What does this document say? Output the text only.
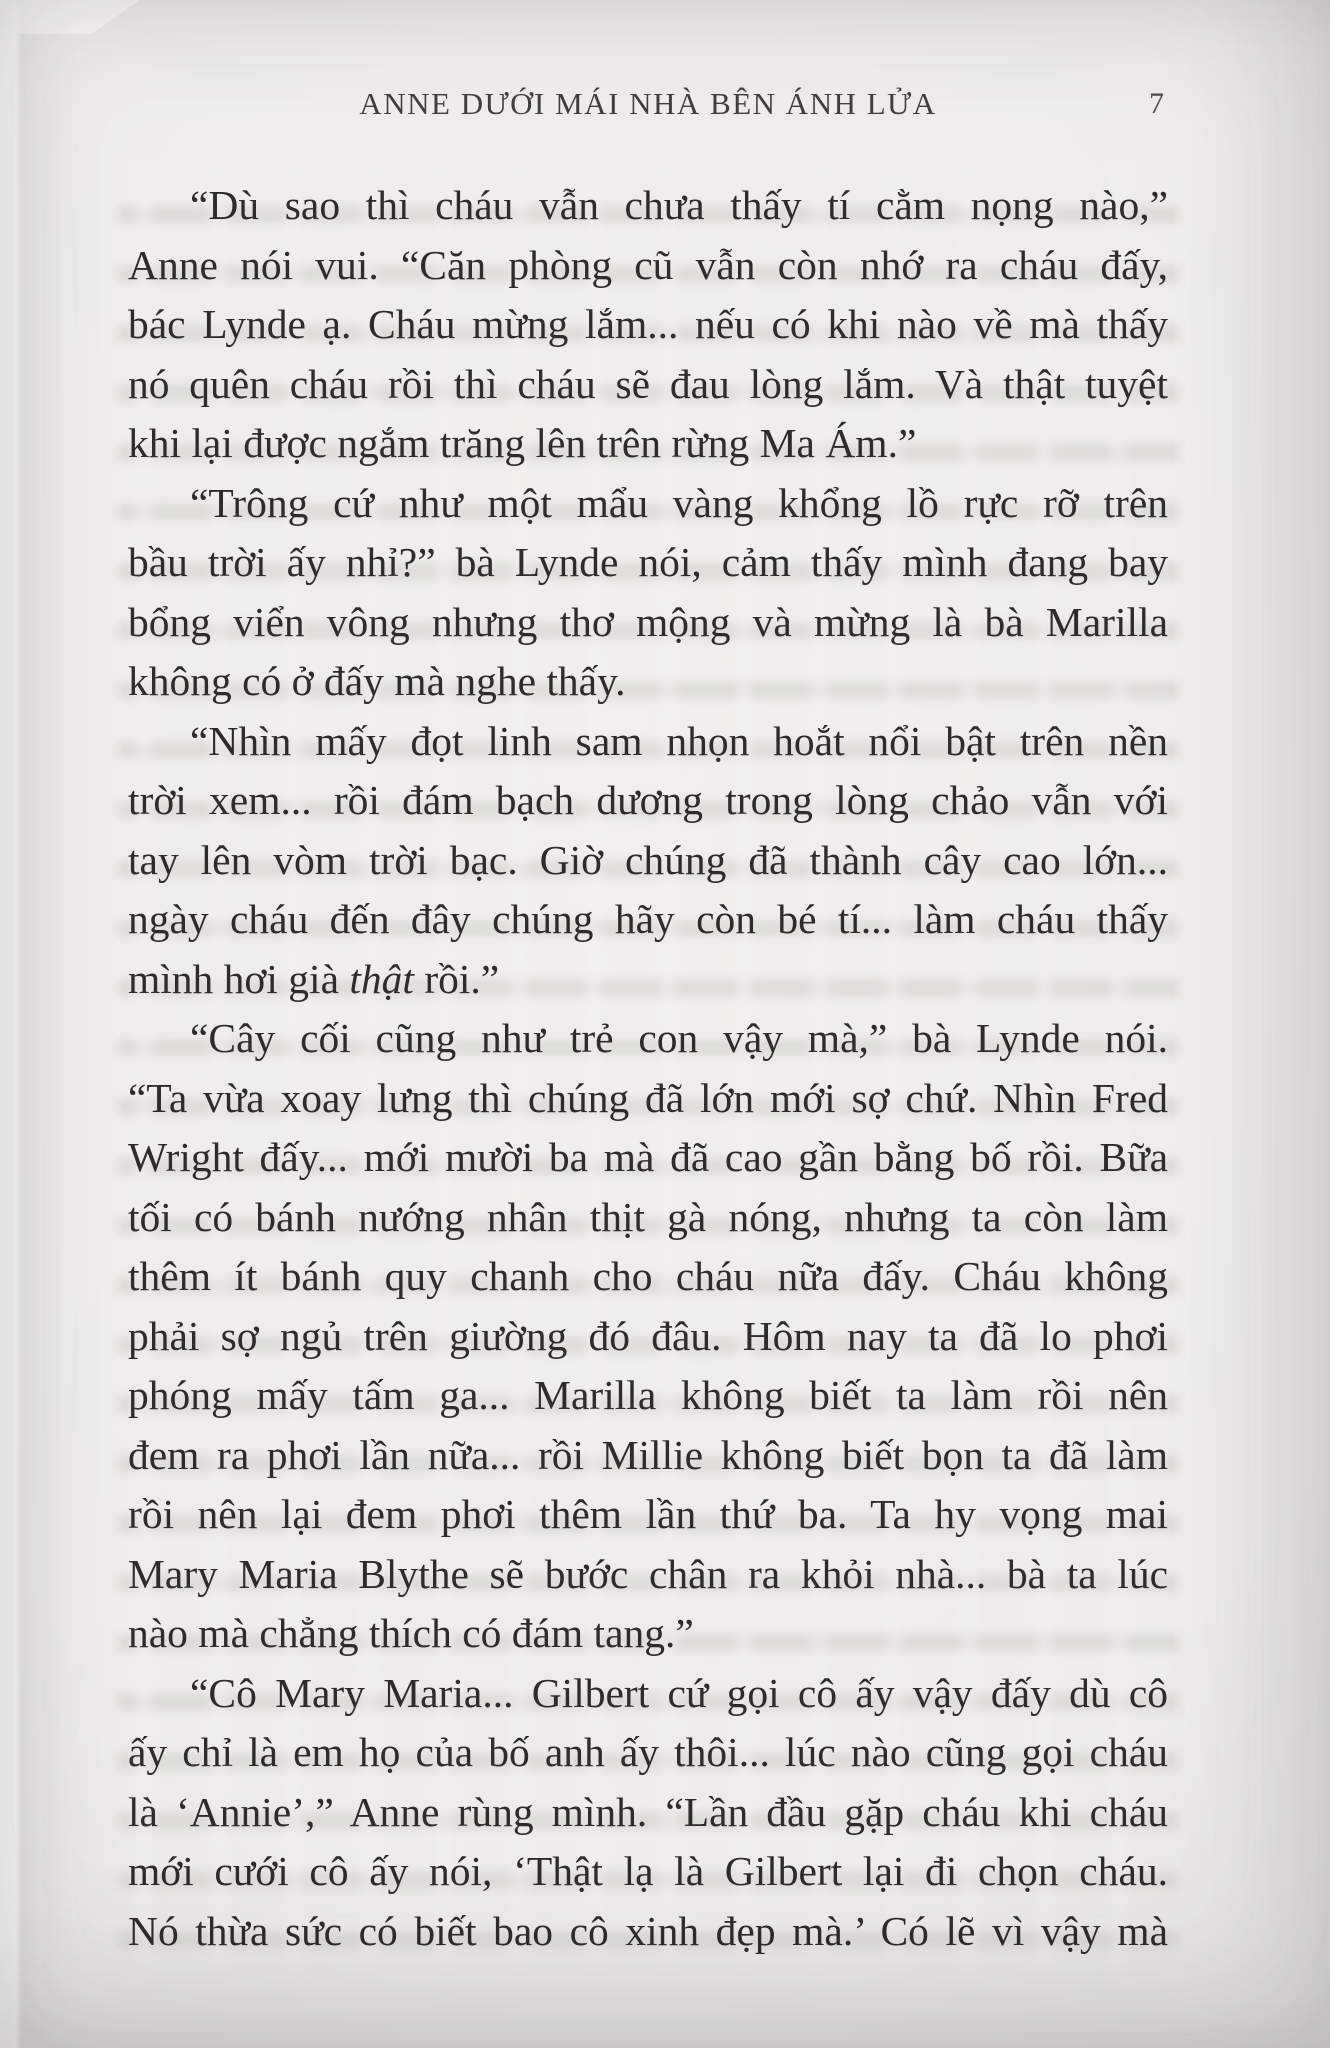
ANNE DƯỚI MÁI NHÀ BÊN ÁNH LỬA	7
“Dù sao thì cháu vẫn chưa thấy tí cằm nọng nào,”
Anne nói vui. “Căn phòng cũ vẫn còn nhớ ra cháu đấy,
bác Lynde ạ. Cháu mừng lắm... nếu có khi nào về mà thấy
nó quên cháu rồi thì cháu sẽ đau lòng lắm. Và thật tuyệt
khi lại được ngắm trăng lên trên rừng Ma Ám.”
“Trông cứ như một mẩu vàng khổng lồ rực rỡ trên
bầu trời ấy nhỉ?” bà Lynde nói, cảm thấy mình đang bay
bổng viển vông nhưng thơ mộng và mừng là bà Marilla
không có ở đấy mà nghe thấy.
“Nhìn mấy đọt linh sam nhọn hoắt nổi bật trên nền
trời xem... rồi đám bạch dương trong lòng chảo vẫn với
tay lên vòm trời bạc. Giờ chúng đã thành cây cao lớn...
ngày cháu đến đây chúng hãy còn bé tí... làm cháu thấy
mình hơi già thật rồi.”
“Cây cối cũng như trẻ con vậy mà,” bà Lynde nói.
“Ta vừa xoay lưng thì chúng đã lớn mới sợ chứ. Nhìn Fred
Wright đấy... mới mười ba mà đã cao gần bằng bố rồi. Bữa
tối có bánh nướng nhân thịt gà nóng, nhưng ta còn làm
thêm ít bánh quy chanh cho cháu nữa đấy. Cháu không
phải sợ ngủ trên giường đó đâu. Hôm nay ta đã lo phơi
phóng mấy tấm ga... Marilla không biết ta làm rồi nên
đem ra phơi lần nữa... rồi Millie không biết bọn ta đã làm
rồi nên lại đem phơi thêm lần thứ ba. Ta hy vọng mai
Mary Maria Blythe sẽ bước chân ra khỏi nhà... bà ta lúc
nào mà chẳng thích có đám tang.”
“Cô Mary Maria... Gilbert cứ gọi cô ấy vậy đấy dù cô
ấy chỉ là em họ của bố anh ấy thôi... lúc nào cũng gọi cháu
là ‘Annie’,” Anne rùng mình. “Lần đầu gặp cháu khi cháu
mới cưới cô ấy nói, ‘Thật lạ là Gilbert lại đi chọn cháu.
Nó thừa sức có biết bao cô xinh đẹp mà.’ Có lẽ vì vậy mà
